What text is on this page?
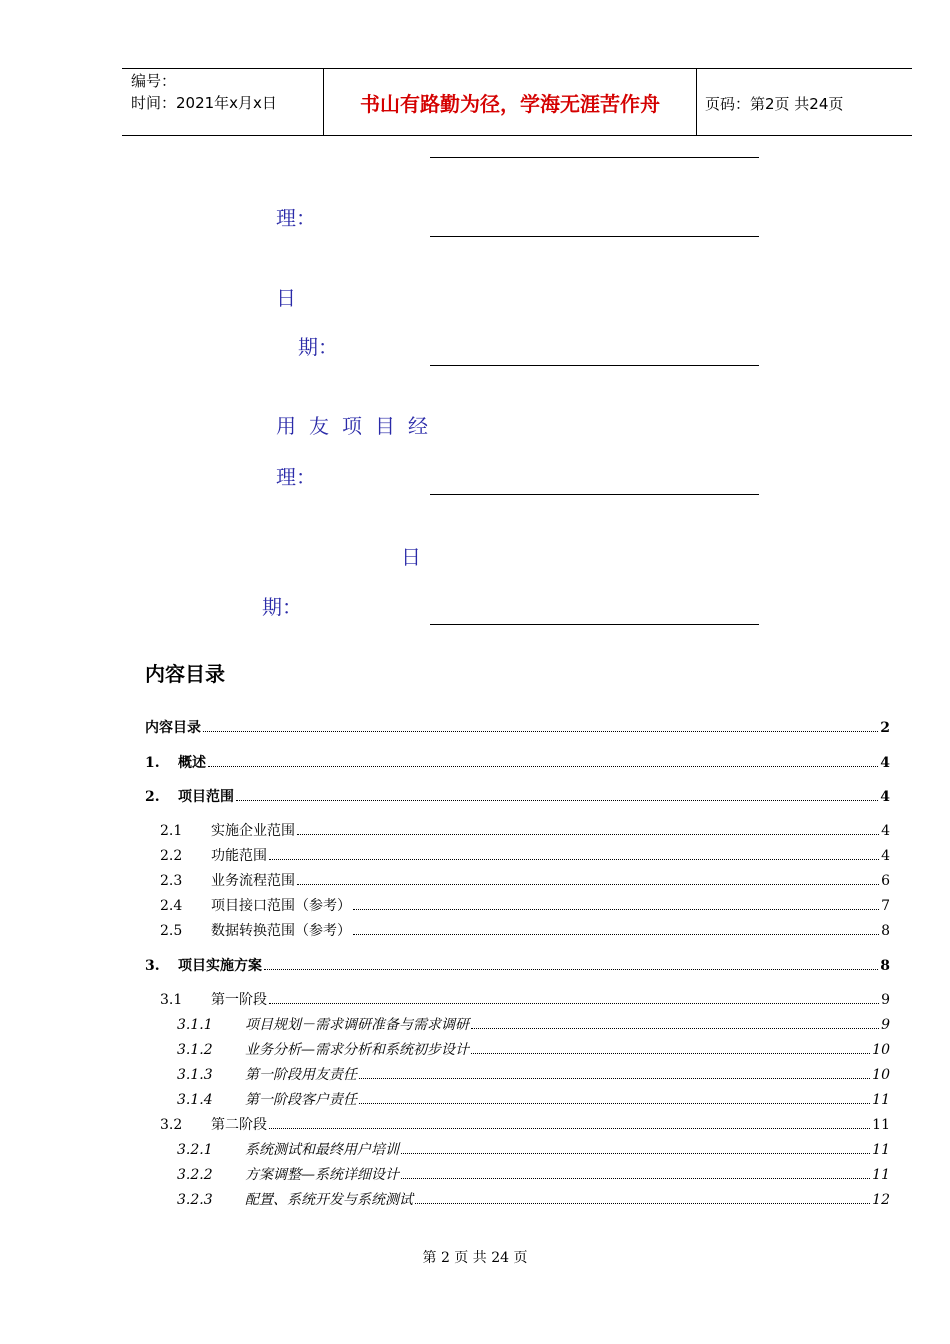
编号：
时间：2021年x月x日	书山有路勤为径，学海无涯苦作舟	页码：第2页 共24页
理：
日
期：
用友项目经
理：
日
期：
内容目录
内容目录	2
1.	概述	4
2.	项目范围	4
2.1	实施企业范围	4
2.2	功能范围	4
2.3	业务流程范围	6
2.4	项目接口范围（参考）	7
2.5	数据转换范围（参考）	8
3.	项目实施方案	8
3.1	第一阶段	9
3.1.1	项目规划－需求调研准备与需求调研	9
3.1.2	业务分析—需求分析和系统初步设计	10
3.1.3	第一阶段用友责任	10
3.1.4	第一阶段客户责任	11
3.2	第二阶段	11
3.2.1	系统测试和最终用户培训	11
3.2.2	方案调整—系统详细设计	11
3.2.3	配置、系统开发与系统测试	12
第 2 页 共 24 页
